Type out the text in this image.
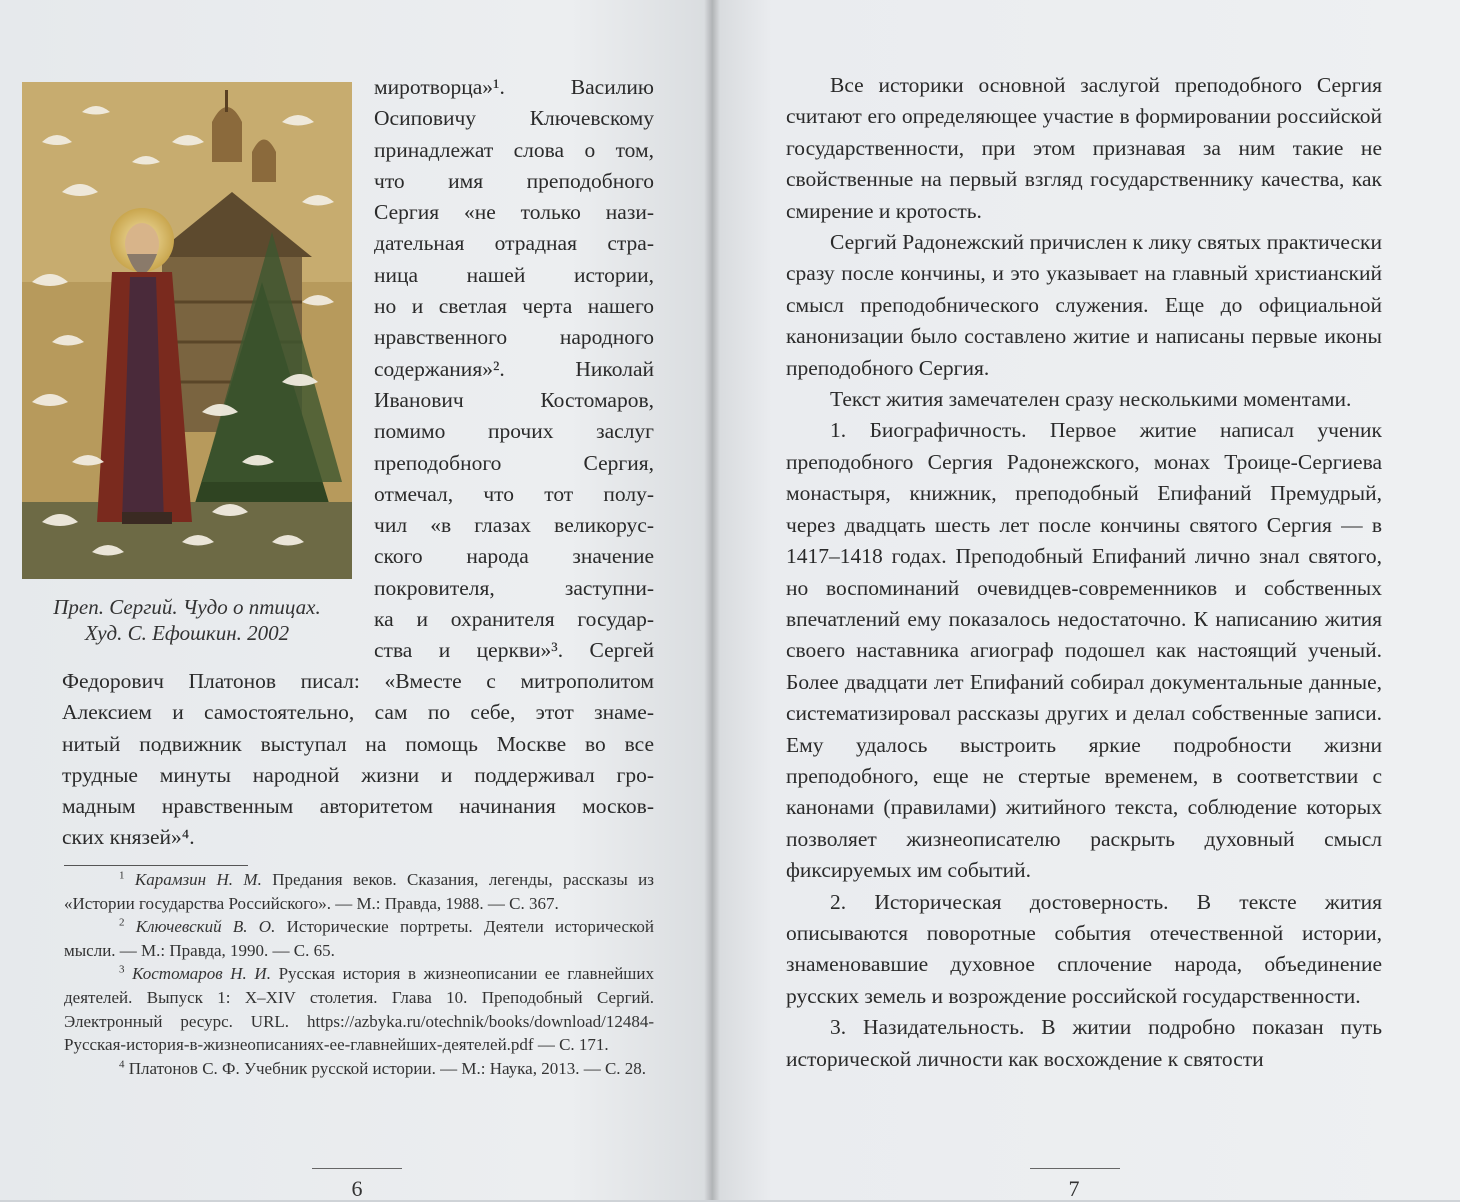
Преп. Сергий. Чудо о птицах.
Худ. С. Ефошкин. 2002
миротворца»¹. Василию
Осиповичу Ключевскому
принадлежат слова о том,
что имя преподобного
Сергия «не только нази-
дательная отрадная стра-
ница нашей истории,
но и светлая черта нашего
нравственного народного
содержания»². Николай
Иванович Костомаров,
помимо прочих заслуг
преподобного Сергия,
отмечал, что тот полу-
чил «в глазах великорус-
ского народа значение
покровителя, заступни-
ка и охранителя государ-
ства и церкви»³. Сергей
Федорович Платонов писал: «Вместе с митрополитом
Алексием и самостоятельно, сам по себе, этот знаме-
нитый подвижник выступал на помощь Москве во все
трудные минуты народной жизни и поддерживал гро-
мадным нравственным авторитетом начинания москов-
ских князей»⁴.

$^1$ Карамзин Н. М. Предания веков. Сказания, легенды, рассказы из «Истории государства Российского». — М.: Правда, 1988. — С. 367.

$^2$ Ключевский В. О. Исторические портреты. Деятели исторической мысли. — М.: Правда, 1990. — С. 65.

$^3$ Костомаров Н. И. Русская история в жизнеописании ее главнейших деятелей. Выпуск 1: X–XIV столетия. Глава 10. Преподобный Сергий. Электронный ресурс. URL. https://azbyka.ru/otechnik/books/download/12484-Русская-история-в-жизнеописаниях-ее-главнейших-деятелей.pdf — С. 171.

$^4$ Платонов С. Ф. Учебник русской истории. — М.: Наука, 2013. — С. 28.

6	7

Все историки основной заслугой преподобного Сергия считают его определяющее участие в формировании российской государственности, при этом признавая за ним такие не свойственные на первый взгляд государственнику качества, как смирение и кротость.

Сергий Радонежский причислен к лику святых практически сразу после кончины, и это указывает на главный христианский смысл преподобнического служения. Еще до официальной канонизации было составлено житие и написаны первые иконы преподобного Сергия.

Текст жития замечателен сразу несколькими моментами.

1. Биографичность. Первое житие написал ученик преподобного Сергия Радонежского, монах Троице-Сергиева монастыря, книжник, преподобный Епифаний Премудрый, через двадцать шесть лет после кончины святого Сергия — в 1417–1418 годах. Преподобный Епифаний лично знал святого, но воспоминаний очевидцев-современников и собственных впечатлений ему показалось недостаточно. К написанию жития своего наставника агиограф подошел как настоящий ученый. Более двадцати лет Епифаний собирал документальные данные, систематизировал рассказы других и делал собственные записи. Ему удалось выстроить яркие подробности жизни преподобного, еще не стертые временем, в соответствии с канонами (правилами) житийного текста, соблюдение которых позволяет жизнеописателю раскрыть духовный смысл фиксируемых им событий.

2. Историческая достоверность. В тексте жития описываются поворотные события отечественной истории, знаменовавшие духовное сплочение народа, объединение русских земель и возрождение российской государственности.

3. Назидательность. В житии подробно показан путь исторической личности как восхождение к святости
